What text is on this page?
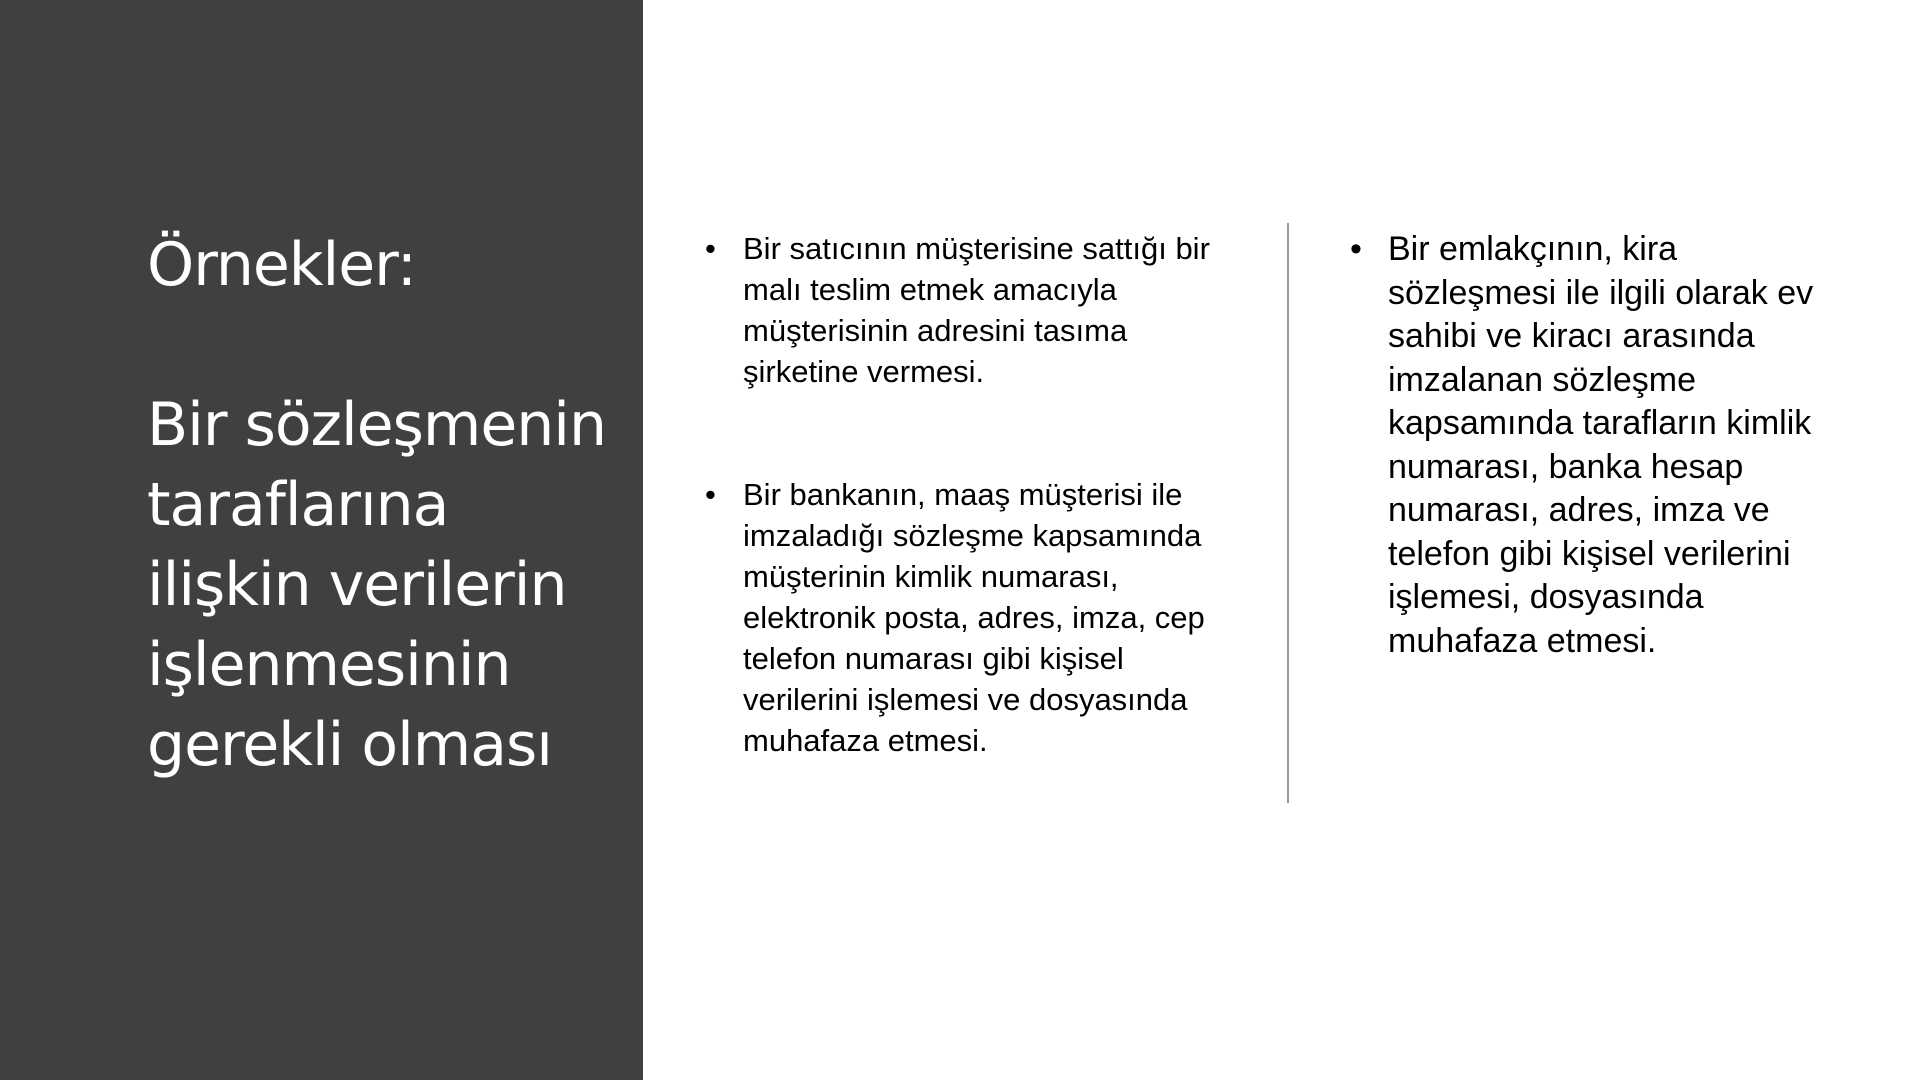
Örnekler:
Bir sözleşmenin taraflarına ilişkin verilerin işlenmesinin gerekli olması
• Bir satıcının müşterisine sattığı bir malı teslim etmek amacıyla müşterisinin adresini tasıma şirketine vermesi.
• Bir bankanın, maaş müşterisi ile imzaladığı sözleşme kapsamında müşterinin kimlik numarası, elektronik posta, adres, imza, cep telefon numarası gibi kişisel verilerini işlemesi ve dosyasında muhafaza etmesi.
• Bir emlakçının, kira sözleşmesi ile ilgili olarak ev sahibi ve kiracı arasında imzalanan sözleşme kapsamında tarafların kimlik numarası, banka hesap numarası, adres, imza ve telefon gibi kişisel verilerini işlemesi, dosyasında muhafaza etmesi.
